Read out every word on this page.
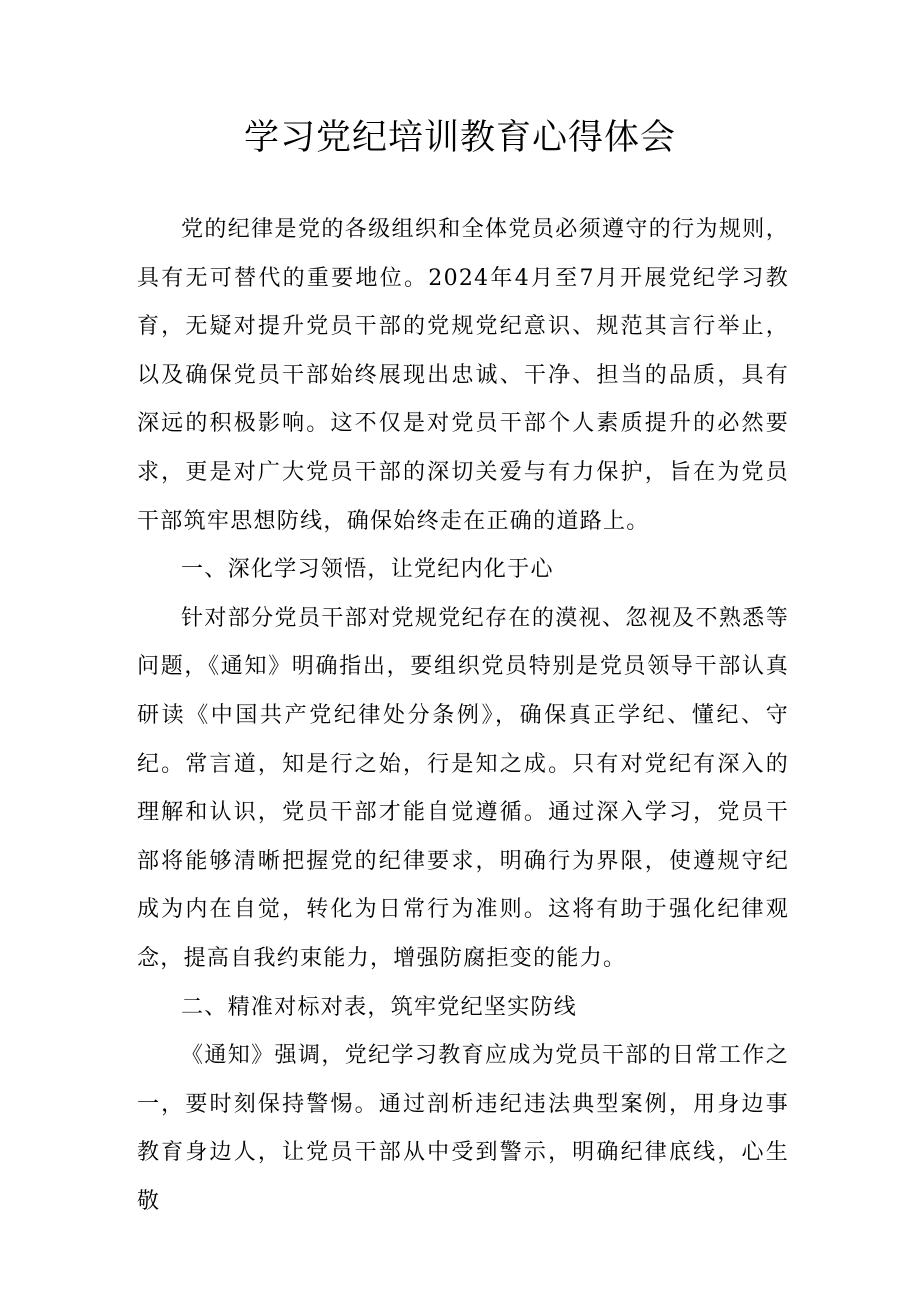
学习党纪培训教育心得体会

党的纪律是党的各级组织和全体党员必须遵守的行为规则，具有无可替代的重要地位。2024年4月至7月开展党纪学习教育，无疑对提升党员干部的党规党纪意识、规范其言行举止，以及确保党员干部始终展现出忠诚、干净、担当的品质，具有深远的积极影响。这不仅是对党员干部个人素质提升的必然要求，更是对广大党员干部的深切关爱与有力保护，旨在为党员干部筑牢思想防线，确保始终走在正确的道路上。

一、深化学习领悟，让党纪内化于心

针对部分党员干部对党规党纪存在的漠视、忽视及不熟悉等问题，《通知》明确指出，要组织党员特别是党员领导干部认真研读《中国共产党纪律处分条例》，确保真正学纪、懂纪、守纪。常言道，知是行之始，行是知之成。只有对党纪有深入的理解和认识，党员干部才能自觉遵循。通过深入学习，党员干部将能够清晰把握党的纪律要求，明确行为界限，使遵规守纪成为内在自觉，转化为日常行为准则。这将有助于强化纪律观念，提高自我约束能力，增强防腐拒变的能力。

二、精准对标对表，筑牢党纪坚实防线

《通知》强调，党纪学习教育应成为党员干部的日常工作之一，要时刻保持警惕。通过剖析违纪违法典型案例，用身边事教育身边人，让党员干部从中受到警示，明确纪律底线，心生敬
